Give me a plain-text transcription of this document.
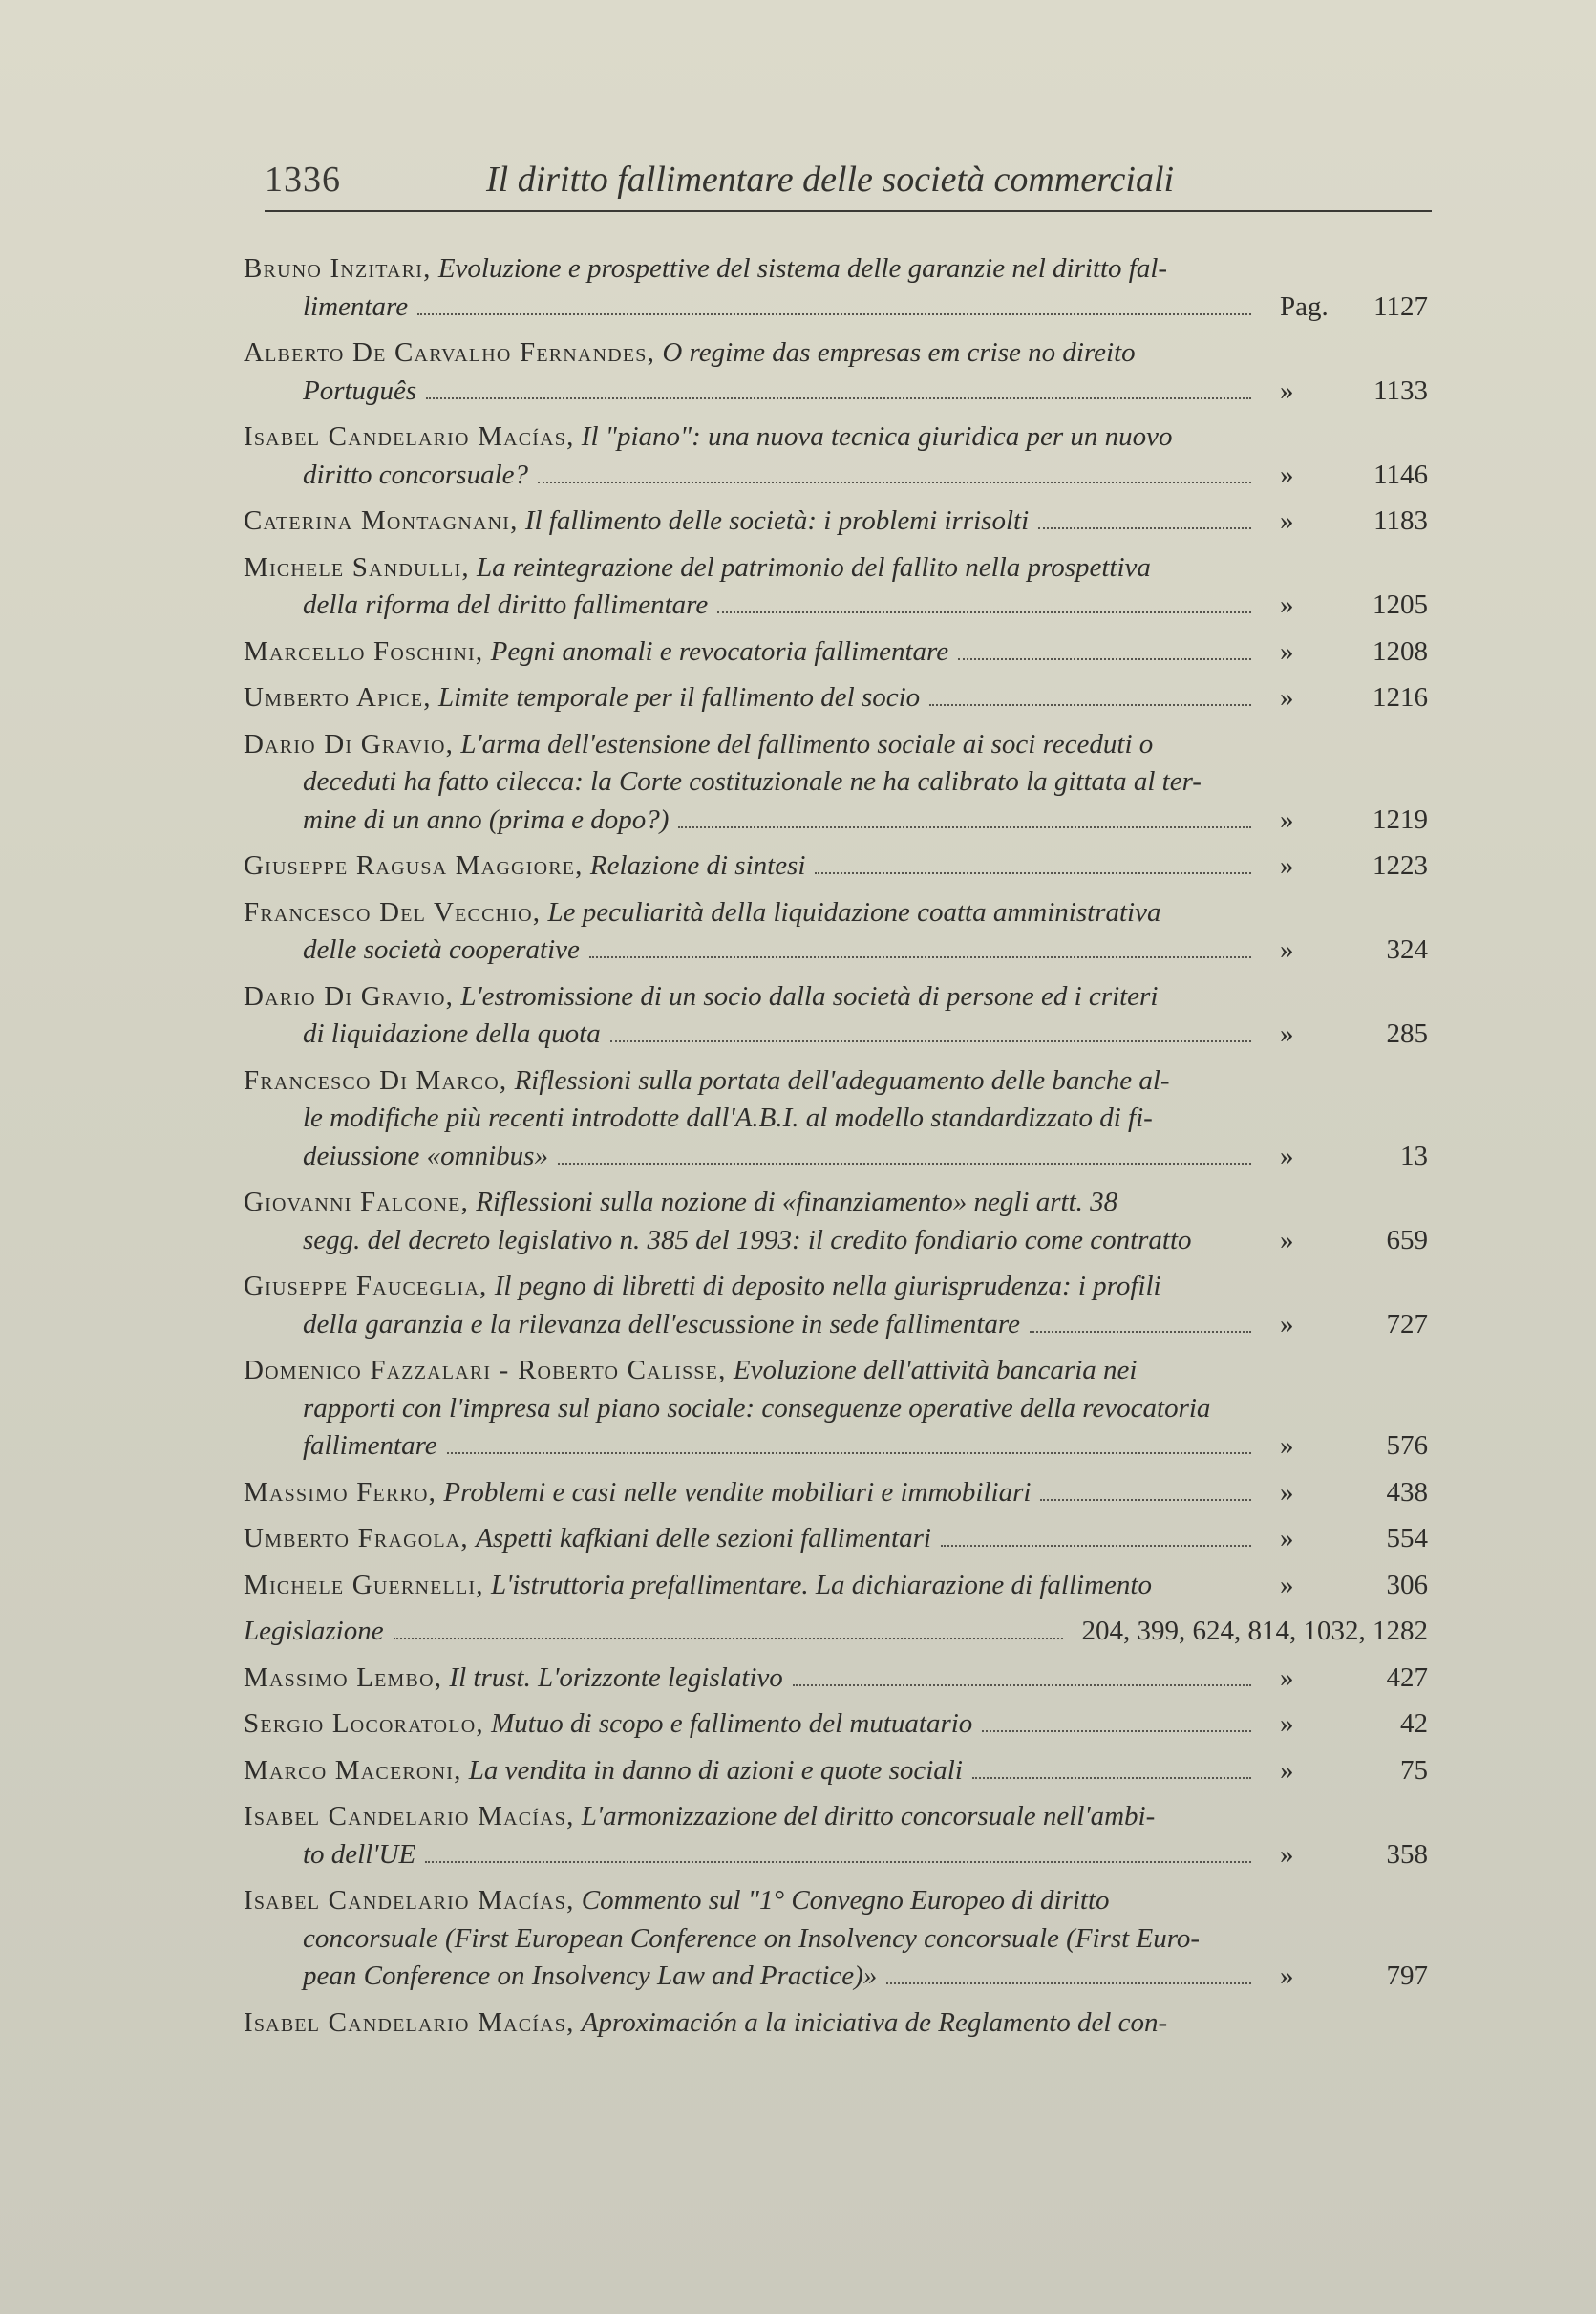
1336	Il diritto fallimentare delle società commerciali
Bruno Inzitari, Evoluzione e prospettive del sistema delle garanzie nel diritto fal-
limentare	Pag. 1127
Alberto De Carvalho Fernandes, O regime das empresas em crise no direito
Português	»	1133
Isabel Candelario Macías, Il "piano": una nuova tecnica giuridica per un nuovo
diritto concorsuale?	»	1146
Caterina Montagnani, Il fallimento delle società: i problemi irrisolti	»	1183
Michele Sandulli, La reintegrazione del patrimonio del fallito nella prospettiva
della riforma del diritto fallimentare	»	1205
Marcello Foschini, Pegni anomali e revocatoria fallimentare	»	1208
Umberto Apice, Limite temporale per il fallimento del socio	»	1216
Dario Di Gravio, L'arma dell'estensione del fallimento sociale ai soci receduti o
deceduti ha fatto cilecca: la Corte costituzionale ne ha calibrato la gittata al ter-
mine di un anno (prima e dopo?)	»	1219
Giuseppe Ragusa Maggiore, Relazione di sintesi	»	1223
Francesco Del Vecchio, Le peculiarità della liquidazione coatta amministrativa
delle società cooperative	»	324
Dario Di Gravio, L'estromissione di un socio dalla società di persone ed i criteri
di liquidazione della quota	»	285
Francesco Di Marco, Riflessioni sulla portata dell'adeguamento delle banche al-
le modifiche più recenti introdotte dall'A.B.I. al modello standardizzato di fi-
deiussione «omnibus»	»	13
Giovanni Falcone, Riflessioni sulla nozione di «finanziamento» negli artt. 38
segg. del decreto legislativo n. 385 del 1993: il credito fondiario come contratto	»	659
Giuseppe Fauceglia, Il pegno di libretti di deposito nella giurisprudenza: i profili
della garanzia e la rilevanza dell'escussione in sede fallimentare	»	727
Domenico Fazzalari - Roberto Calisse, Evoluzione dell'attività bancaria nei
rapporti con l'impresa sul piano sociale: conseguenze operative della revocatoria
fallimentare	»	576
Massimo Ferro, Problemi e casi nelle vendite mobiliari e immobiliari	»	438
Umberto Fragola, Aspetti kafkiani delle sezioni fallimentari	»	554
Michele Guernelli, L'istruttoria prefallimentare. La dichiarazione di fallimento	»	306
Legislazione	204, 399, 624, 814, 1032, 1282
Massimo Lembo, Il trust. L'orizzonte legislativo	»	427
Sergio Locoratolo, Mutuo di scopo e fallimento del mutuatario	»	42
Marco Maceroni, La vendita in danno di azioni e quote sociali	»	75
Isabel Candelario Macías, L'armonizzazione del diritto concorsuale nell'ambi-
to dell'UE	»	358
Isabel Candelario Macías, Commento sul "1° Convegno Europeo di diritto
concorsuale (First European Conference on Insolvency concorsuale (First Euro-
pean Conference on Insolvency Law and Practice)»	»	797
Isabel Candelario Macías, Aproximación a la iniciativa de Reglamento del con-
